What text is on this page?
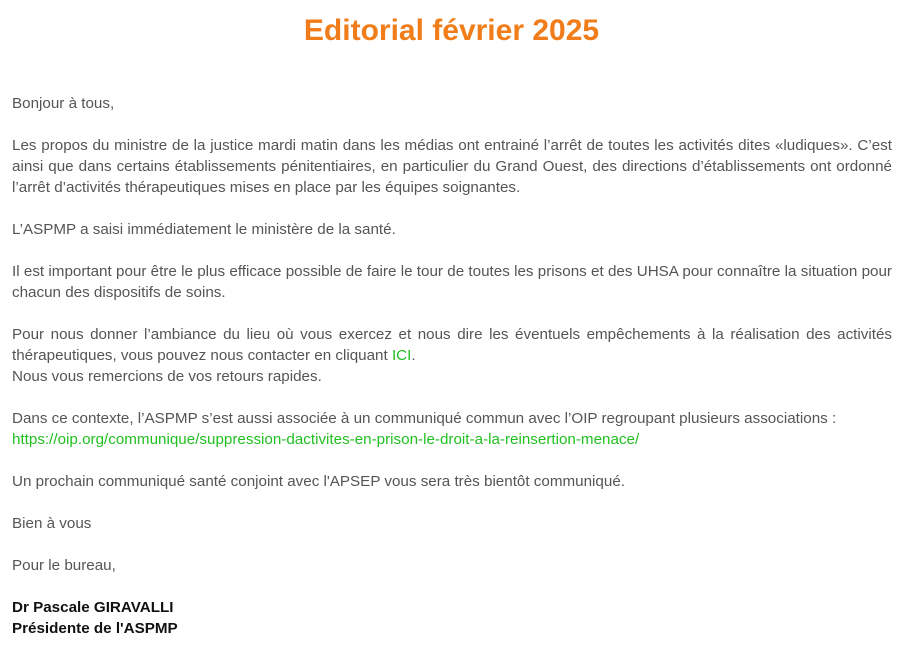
Editorial février 2025

Bonjour à tous,

Les propos du ministre de la justice mardi matin dans les médias ont entrainé l’arrêt de toutes les activités dites «ludiques». C’est ainsi que dans certains établissements pénitentiaires, en particulier du Grand Ouest, des directions d’établissements ont ordonné l’arrêt d’activités thérapeutiques mises en place par les équipes soignantes.

L’ASPMP a saisi immédiatement le ministère de la santé.

Il est important pour être le plus efficace possible de faire le tour de toutes les prisons et des UHSA pour connaître la situation pour chacun des dispositifs de soins.

Pour nous donner l’ambiance du lieu où vous exercez et nous dire les éventuels empêchements à la réalisation des activités thérapeutiques, vous pouvez nous contacter en cliquant ICI.

Nous vous remercions de vos retours rapides.

Dans ce contexte, l’ASPMP s’est aussi associée à un communiqué commun avec l’OIP regroupant plusieurs associations :
https://oip.org/communique/suppression-dactivites-en-prison-le-droit-a-la-reinsertion-menace/

Un prochain communiqué santé conjoint avec l'APSEP vous sera très bientôt communiqué.

Bien à vous

Pour le bureau,

Dr Pascale GIRAVALLI

Présidente de l'ASPMP
